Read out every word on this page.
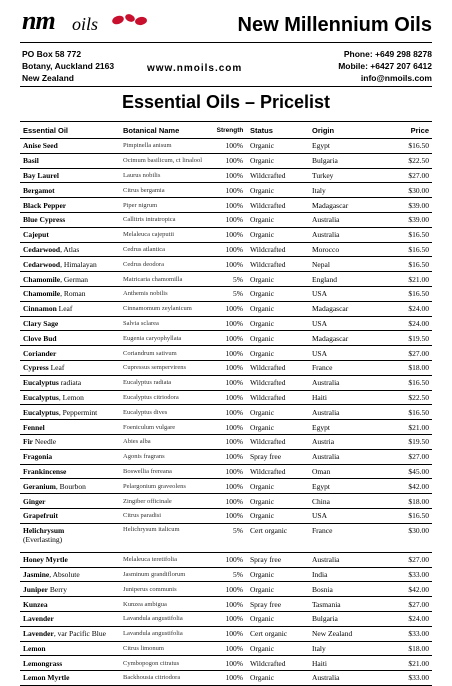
nm oils	New Millennium Oils
PO Box 58 772
Botany, Auckland 2163
New Zealand
www.nmoils.com
Phone: +649 298 8278
Mobile: +6427 207 6412
info@nmoils.com
Essential Oils – Pricelist
Essential Oil	Botanical Name	Strength	Status	Origin	Price
Anise Seed	Pimpinella anisum	100%	Organic	Egypt	$16.50
Basil	Ocimum basilicum, ct linalool	100%	Organic	Bulgaria	$22.50
Bay Laurel	Laurus nobilis	100%	Wildcrafted	Turkey	$27.00
Bergamot	Citrus bergamia	100%	Organic	Italy	$30.00
Black Pepper	Piper nigrum	100%	Wildcrafted	Madagascar	$39.00
Blue Cypress	Callitris intratropica	100%	Organic	Australia	$39.00
Cajeput	Melaleuca cajeputii	100%	Organic	Australia	$16.50
Cedarwood, Atlas	Cedrus atlantica	100%	Wildcrafted	Morocco	$16.50
Cedarwood, Himalayan	Cedrus deodora	100%	Wildcrafted	Nepal	$16.50
Chamomile, German	Matricaria chamomilla	5%	Organic	England	$21.00
Chamomile, Roman	Anthemis nobilis	5%	Organic	USA	$16.50
Cinnamon Leaf	Cinnamomum zeylanicum	100%	Organic	Madagascar	$24.00
Clary Sage	Salvia sclarea	100%	Organic	USA	$24.00
Clove Bud	Eugenia caryophyllata	100%	Organic	Madagascar	$19.50
Coriander	Coriandrum sativum	100%	Organic	USA	$27.00
Cypress Leaf	Cupressus sempervirens	100%	Wildcrafted	France	$18.00
Eucalyptus radiata	Eucalyptus radiata	100%	Wildcrafted	Australia	$16.50
Eucalyptus, Lemon	Eucalyptus citriodora	100%	Wildcrafted	Haiti	$22.50
Eucalyptus, Peppermint	Eucalyptus dives	100%	Organic	Australia	$16.50
Fennel	Foeniculum vulgare	100%	Organic	Egypt	$21.00
Fir Needle	Abies alba	100%	Wildcrafted	Austria	$19.50
Fragonia	Agonis fragrans	100%	Spray free	Australia	$27.00
Frankincense	Boswellia frereana	100%	Wildcrafted	Oman	$45.00
Geranium, Bourbon	Pelargonium graveolens	100%	Organic	Egypt	$42.00
Ginger	Zingiber officinale	100%	Organic	China	$18.00
Grapefruit	Citrus paradisi	100%	Organic	USA	$16.50
Helichrysum
(Everlasting)	Helichrysum italicum	5%	Cert organic	France	$30.00
Honey Myrtle	Melaleuca teretifolia	100%	Spray free	Australia	$27.00
Jasmine, Absolute	Jasminum grandiflorum	5%	Organic	India	$33.00
Juniper Berry	Juniperus communis	100%	Organic	Bosnia	$42.00
Kunzea	Kunzea ambigua	100%	Spray free	Tasmania	$27.00
Lavender	Lavandula angustifolia	100%	Organic	Bulgaria	$24.00
Lavender, var Pacific Blue	Lavandula angustifolia	100%	Cert organic	New Zealand	$33.00
Lemon	Citrus limonum	100%	Organic	Italy	$18.00
Lemongrass	Cymbopogon citratus	100%	Wildcrafted	Haiti	$21.00
Lemon Myrtle	Backhousia citriodora	100%	Organic	Australia	$33.00
